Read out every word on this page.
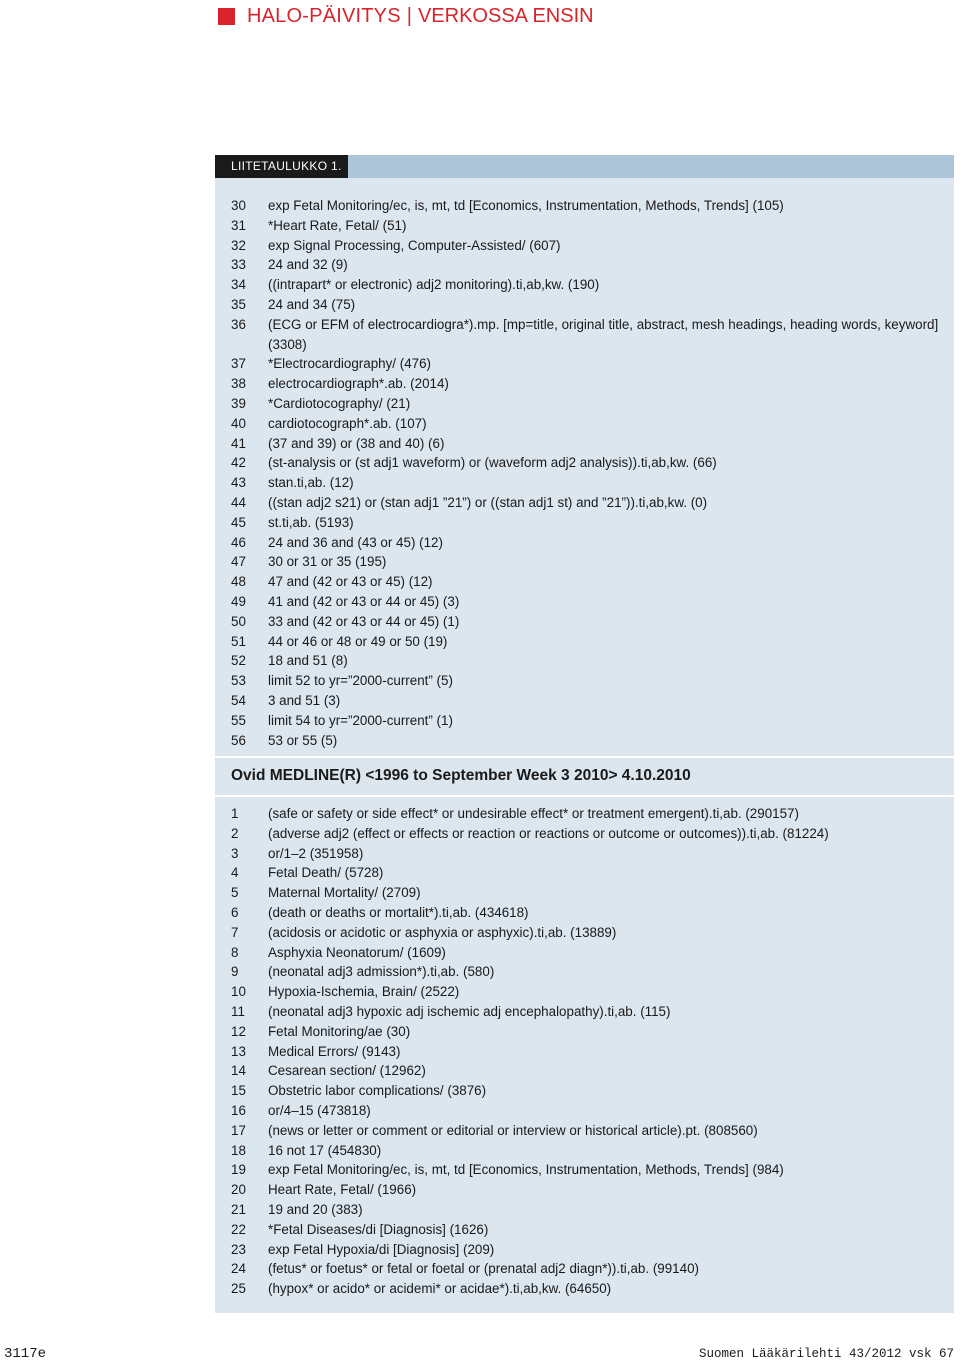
HALO-PÄIVITYS | VERKOSSA ENSIN
LIITETAULUKKO 1.
30	exp Fetal Monitoring/ec, is, mt, td [Economics, Instrumentation, Methods, Trends] (105)
31	*Heart Rate, Fetal/ (51)
32	exp Signal Processing, Computer-Assisted/ (607)
33	24 and 32 (9)
34	((intrapart* or electronic) adj2 monitoring).ti,ab,kw. (190)
35	24 and 34 (75)
36	(ECG or EFM of electrocardiogra*).mp. [mp=title, original title, abstract, mesh headings, heading words, keyword]
(3308)
37	*Electrocardiography/ (476)
38	electrocardiograph*.ab. (2014)
39	*Cardiotocography/ (21)
40	cardiotocograph*.ab. (107)
41	(37 and 39) or (38 and 40) (6)
42	(st-analysis or (st adj1 waveform) or (waveform adj2 analysis)).ti,ab,kw. (66)
43	stan.ti,ab. (12)
44	((stan adj2 s21) or (stan adj1 ”21”) or ((stan adj1 st) and ”21”)).ti,ab,kw. (0)
45	st.ti,ab. (5193)
46	24 and 36 and (43 or 45) (12)
47	30 or 31 or 35 (195)
48	47 and (42 or 43 or 45) (12)
49	41 and (42 or 43 or 44 or 45) (3)
50	33 and (42 or 43 or 44 or 45) (1)
51	44 or 46 or 48 or 49 or 50 (19)
52	18 and 51 (8)
53	limit 52 to yr=”2000-current” (5)
54	3 and 51 (3)
55	limit 54 to yr=”2000-current” (1)
56	53 or 55 (5)
Ovid MEDLINE(R) <1996 to September Week 3 2010> 4.10.2010
1	(safe or safety or side effect* or undesirable effect* or treatment emergent).ti,ab. (290157)
2	(adverse adj2 (effect or effects or reaction or reactions or outcome or outcomes)).ti,ab. (81224)
3	or/1–2 (351958)
4	Fetal Death/ (5728)
5	Maternal Mortality/ (2709)
6	(death or deaths or mortalit*).ti,ab. (434618)
7	(acidosis or acidotic or asphyxia or asphyxic).ti,ab. (13889)
8	Asphyxia Neonatorum/ (1609)
9	(neonatal adj3 admission*).ti,ab. (580)
10	Hypoxia-Ischemia, Brain/ (2522)
11	(neonatal adj3 hypoxic adj ischemic adj encephalopathy).ti,ab. (115)
12	Fetal Monitoring/ae (30)
13	Medical Errors/ (9143)
14	Cesarean section/ (12962)
15	Obstetric labor complications/ (3876)
16	or/4–15 (473818)
17	(news or letter or comment or editorial or interview or historical article).pt. (808560)
18	16 not 17 (454830)
19	exp Fetal Monitoring/ec, is, mt, td [Economics, Instrumentation, Methods, Trends] (984)
20	Heart Rate, Fetal/ (1966)
21	19 and 20 (383)
22	*Fetal Diseases/di [Diagnosis] (1626)
23	exp Fetal Hypoxia/di [Diagnosis] (209)
24	(fetus* or foetus* or fetal or foetal or (prenatal adj2 diagn*)).ti,ab. (99140)
25	(hypox* or acido* or acidemi* or acidae*).ti,ab,kw. (64650)
3117e	Suomen Lääkärilehti 43/2012 vsk 67
